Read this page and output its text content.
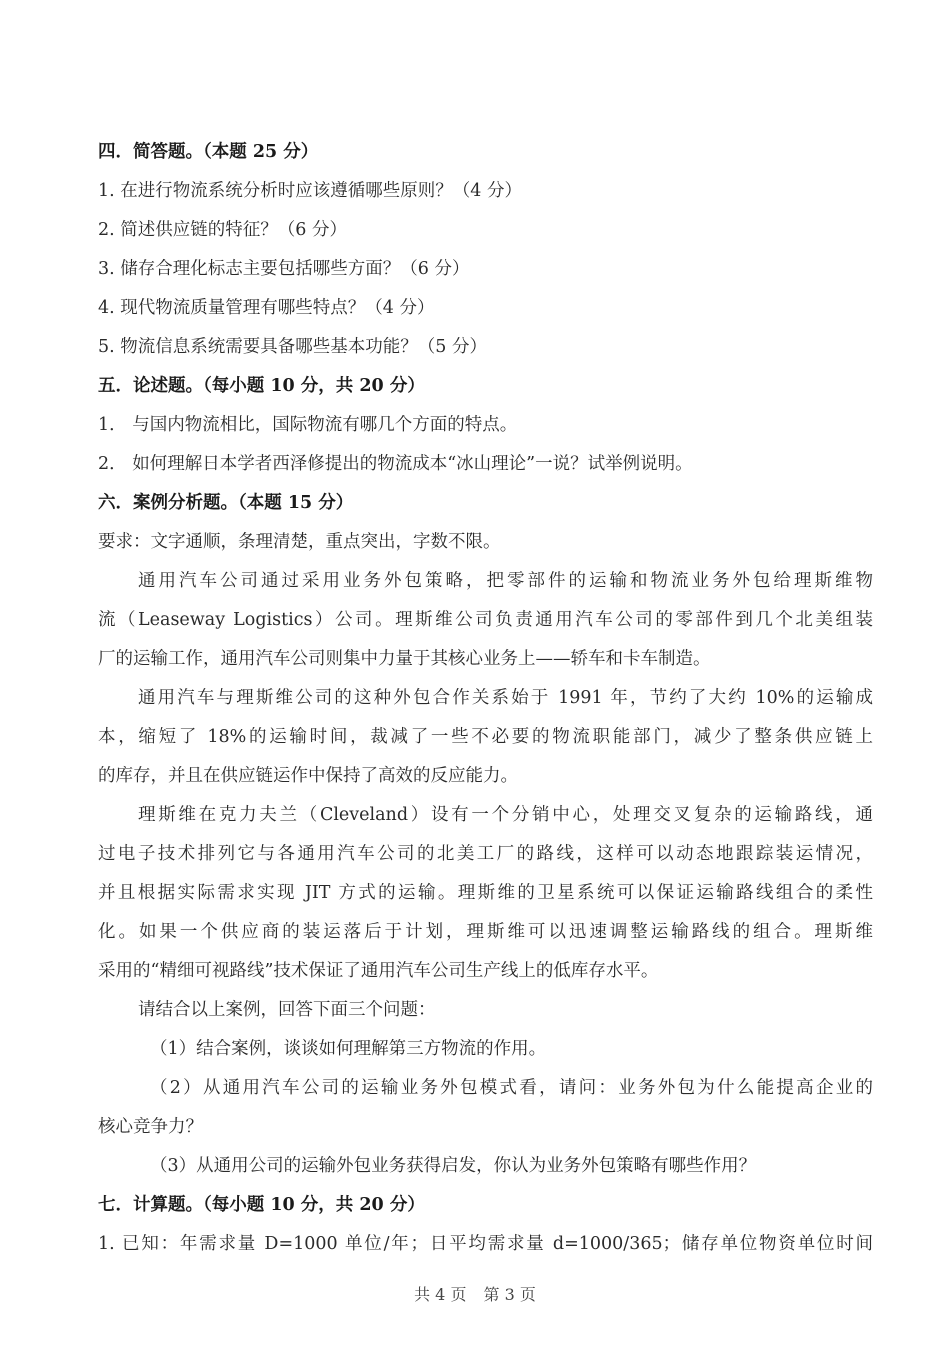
四．简答题。（本题 25 分）
1. 在进行物流系统分析时应该遵循哪些原则？（4 分）
2. 简述供应链的特征？（6 分）
3. 储存合理化标志主要包括哪些方面？（6 分）
4. 现代物流质量管理有哪些特点？（4 分）
5. 物流信息系统需要具备哪些基本功能？（5 分）
五．论述题。（每小题 10 分，共 20 分）
1． 与国内物流相比，国际物流有哪几个方面的特点。
2． 如何理解日本学者西泽修提出的物流成本“冰山理论”一说？试举例说明。
六．案例分析题。（本题 15 分）
要求：文字通顺，条理清楚，重点突出，字数不限。
通用汽车公司通过采用业务外包策略，把零部件的运输和物流业务外包给理斯维物
流（Leaseway Logistics）公司。理斯维公司负责通用汽车公司的零部件到几个北美组装
厂的运输工作，通用汽车公司则集中力量于其核心业务上——轿车和卡车制造。
通用汽车与理斯维公司的这种外包合作关系始于 1991 年，节约了大约 10%的运输成
本，缩短了 18%的运输时间，裁减了一些不必要的物流职能部门，减少了整条供应链上
的库存，并且在供应链运作中保持了高效的反应能力。
理斯维在克力夫兰（Cleveland）设有一个分销中心，处理交叉复杂的运输路线，通
过电子技术排列它与各通用汽车公司的北美工厂的路线，这样可以动态地跟踪装运情况，
并且根据实际需求实现 JIT 方式的运输。理斯维的卫星系统可以保证运输路线组合的柔性
化。如果一个供应商的装运落后于计划，理斯维可以迅速调整运输路线的组合。理斯维
采用的“精细可视路线”技术保证了通用汽车公司生产线上的低库存水平。
请结合以上案例，回答下面三个问题：
（1）结合案例，谈谈如何理解第三方物流的作用。
（2）从通用汽车公司的运输业务外包模式看，请问：业务外包为什么能提高企业的
核心竞争力？
（3）从通用公司的运输外包业务获得启发，你认为业务外包策略有哪些作用？
七．计算题。（每小题 10 分，共 20 分）
1. 已知：年需求量 D=1000 单位/年；日平均需求量 d=1000/365；储存单位物资单位时间
共 4 页 第 3 页
